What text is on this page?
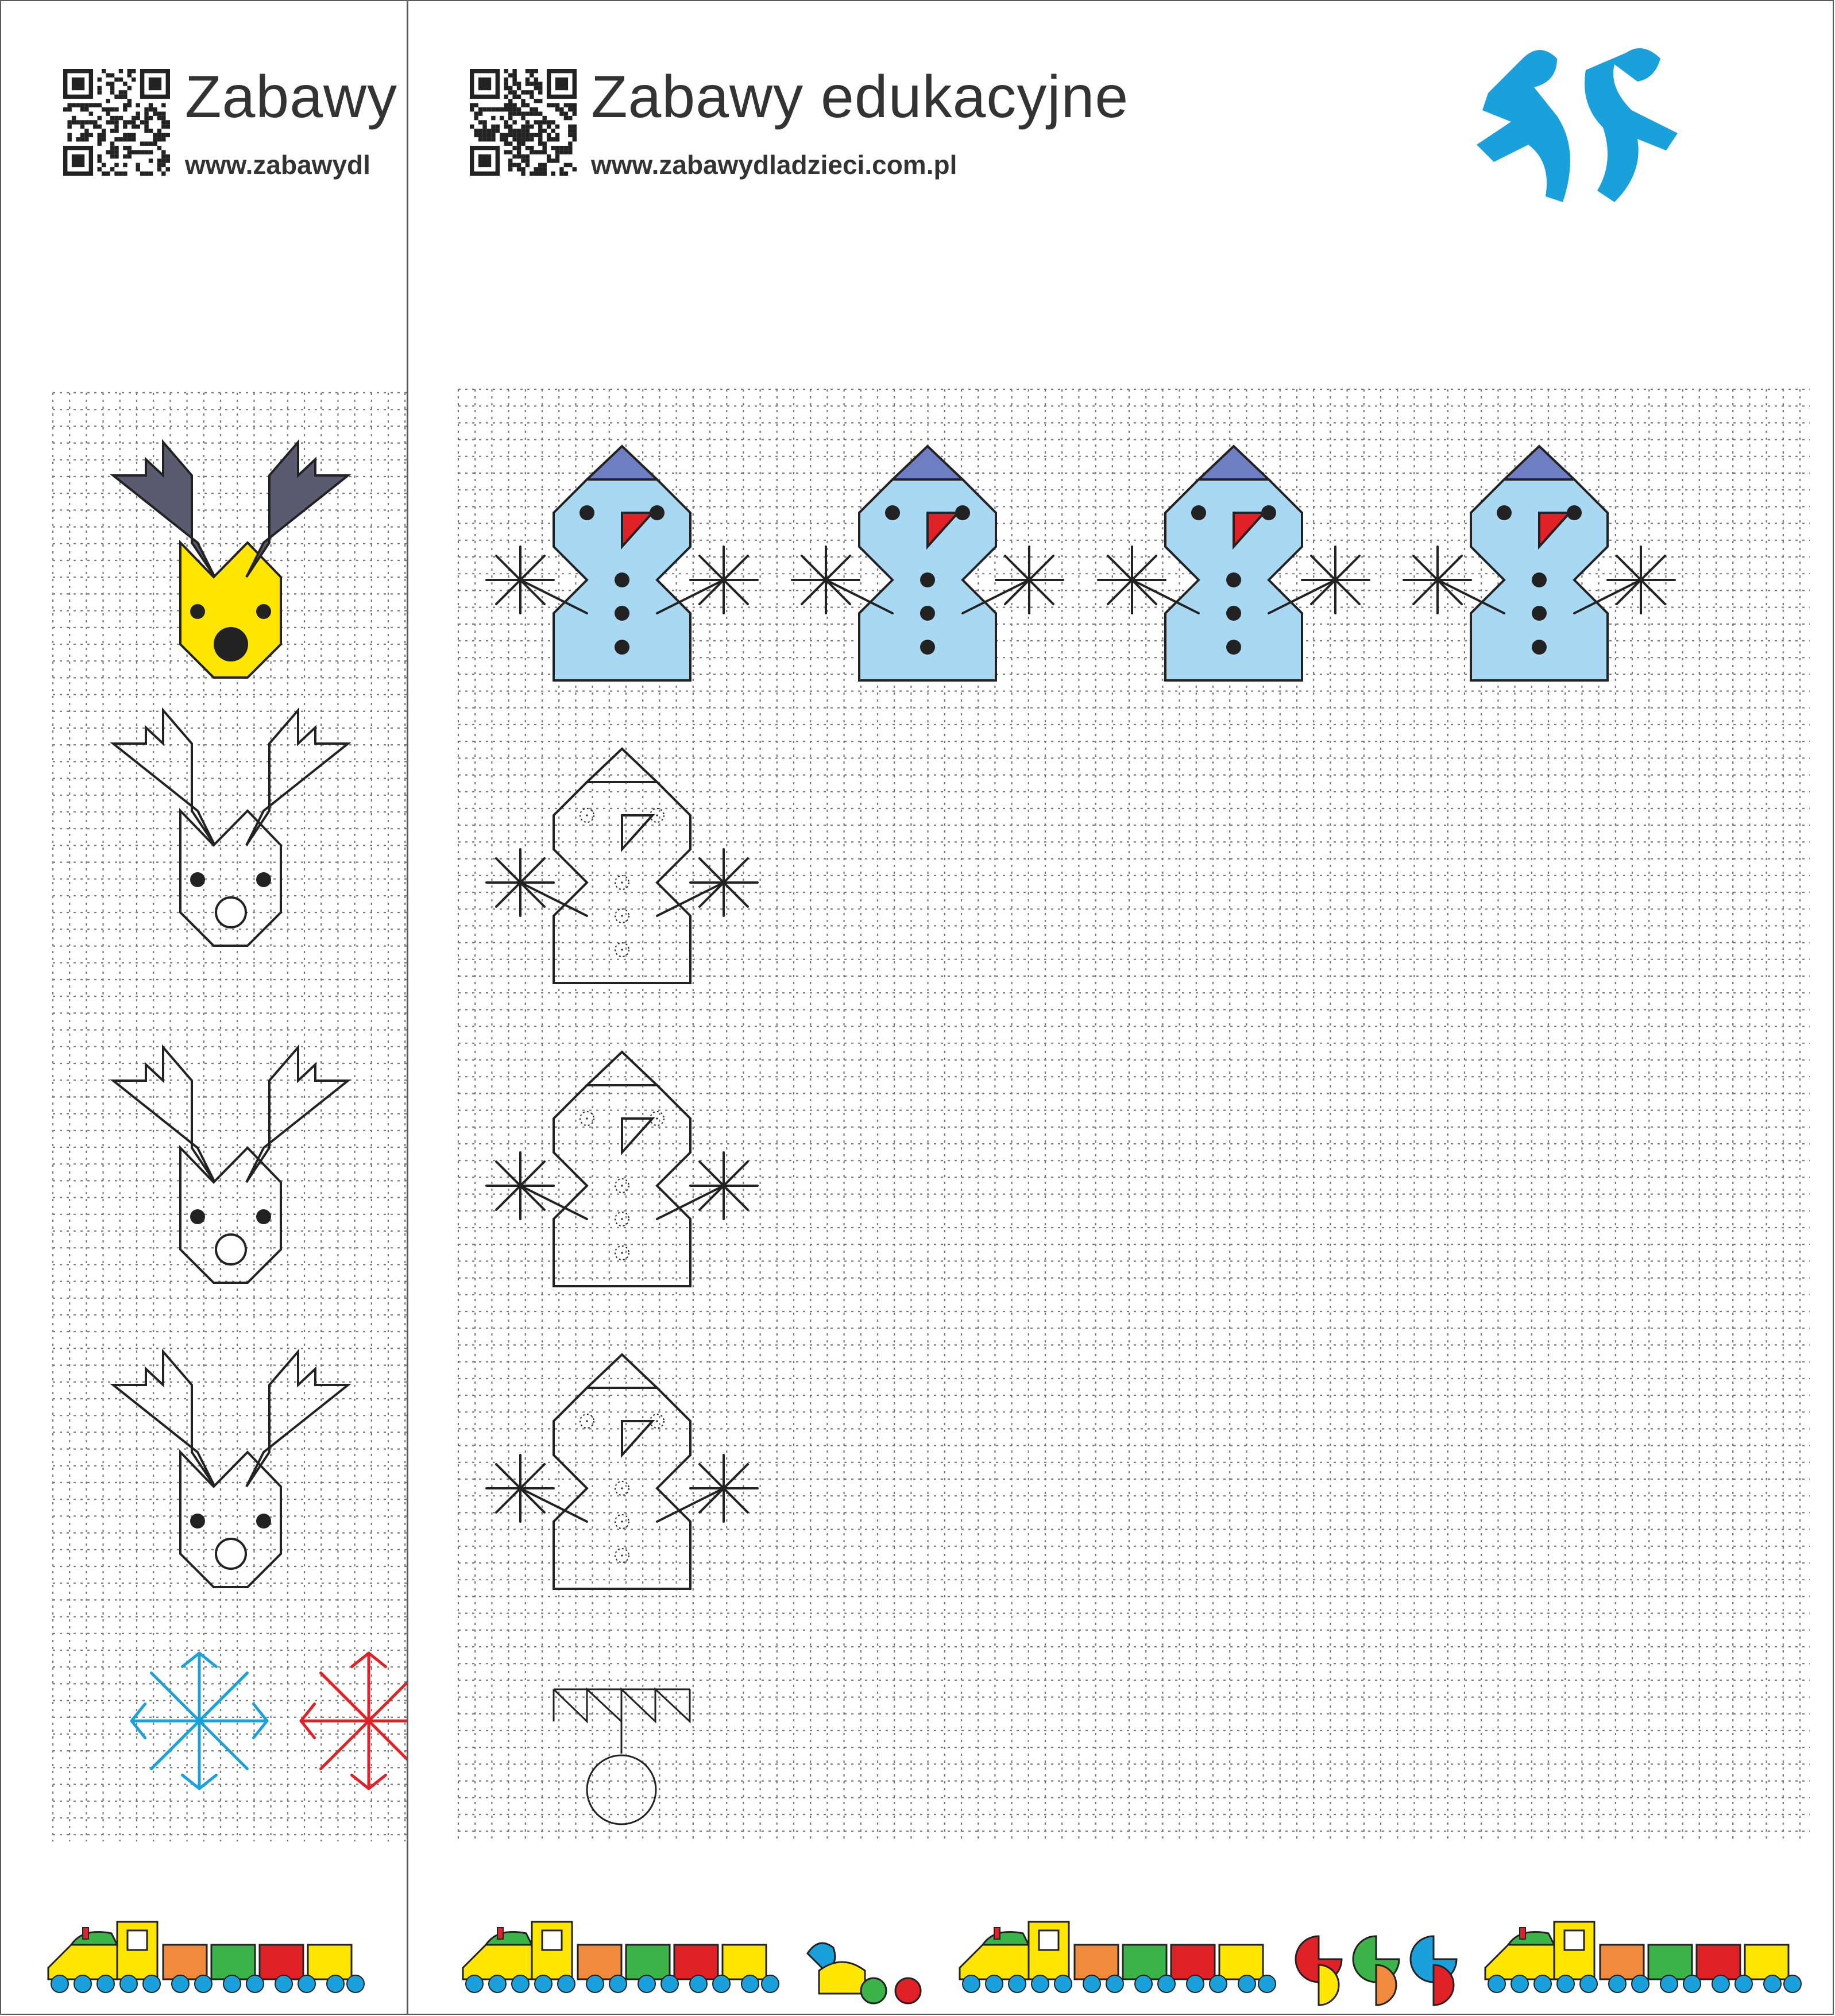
Zabawy
www.zabawydl
Zabawy edukacyjne
www.zabawydladzieci.com.pl
